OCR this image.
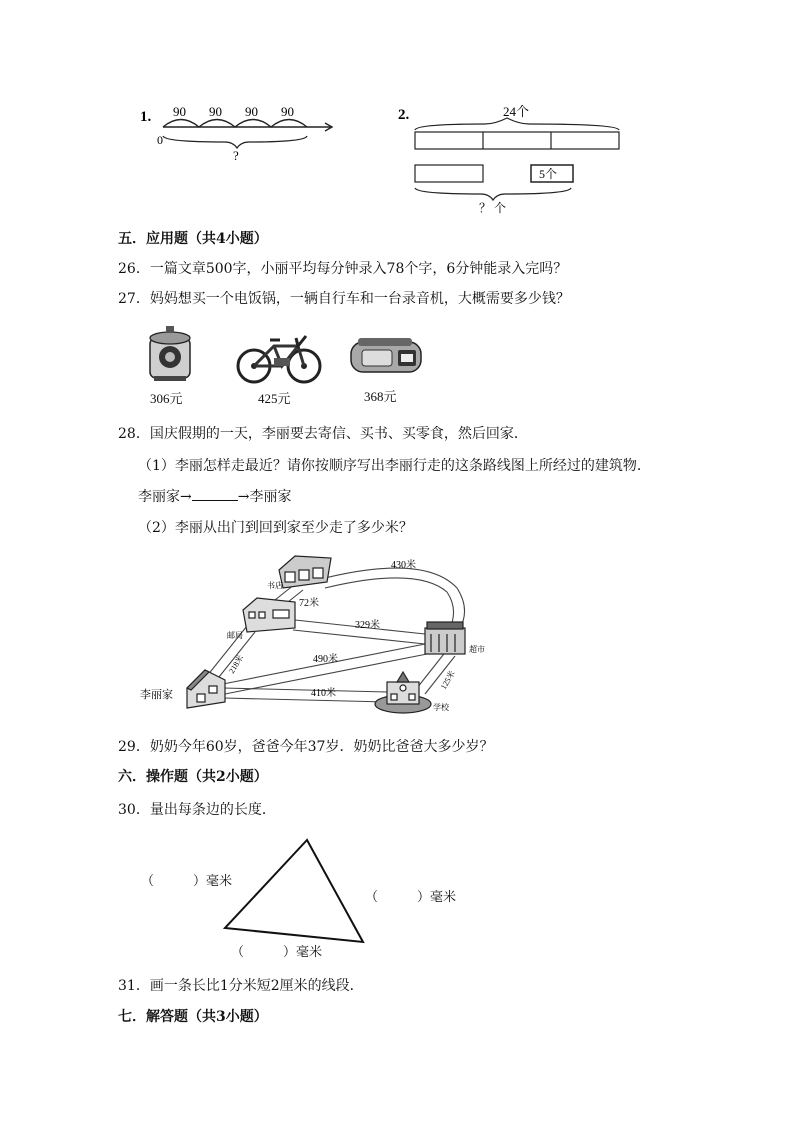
1. 90 90 90 90
0
?
2.	24个
5个
？ 个
五．应用题（共4小题）
26．一篇文章500字，小丽平均每分钟录入78个字，6分钟能录入完吗？
27．妈妈想买一个电饭锅，一辆自行车和一台录音机，大概需要多少钱？
306元	425元	368元
28．国庆假期的一天，李丽要去寄信、买书、买零食，然后回家．
（1）李丽怎样走最近？请你按顺序写出李丽行走的这条路线图上所经过的建筑物．
李丽家→	→李丽家
（2）李丽从出门到回到家至少走了多少米？
李丽家
书店
邮局
超市
学校
430米
72米
329米
218米	490米
410米
125米
29．奶奶今年60岁，爸爸今年37岁．奶奶比爸爸大多少岁？
六．操作题（共2小题）
30．量出每条边的长度．
（　　　）毫米
（　　　）毫米
（　　　）毫米
31．画一条长比1分米短2厘米的线段．
七．解答题（共3小题）
